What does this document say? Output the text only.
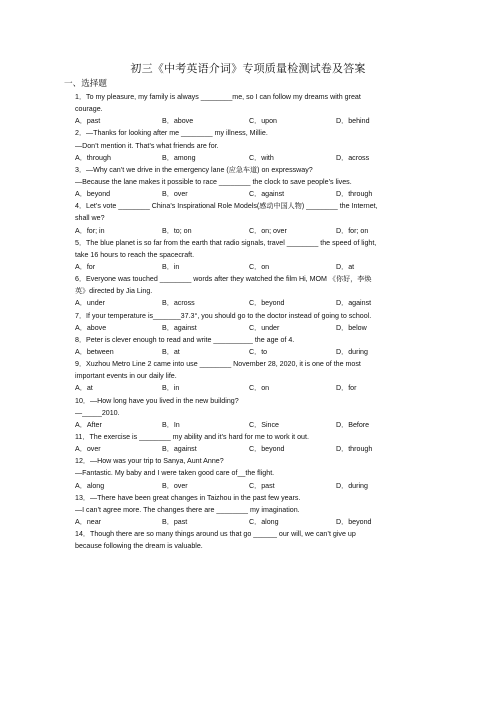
初三《中考英语介词》专项质量检测试卷及答案
一、选择题
1．To my pleasure, my family is always ________me, so I can follow my dreams with great
courage.
A．past	B．above	C．upon	D．behind
2．—Thanks for looking after me ________ my illness, Millie.
—Don’t mention it. That’s what friends are for.
A．through	B．among	C．with	D．across
3．—Why can’t we drive in the emergency lane (应急车道) on expressway?
—Because the lane makes it possible to race ________ the clock to save people’s lives.
A．beyond	B．over	C．against	D．through
4．Let’s vote ________ China’s Inspirational Role Models(感动中国人物) ________ the Internet,
shall we?
A．for; in	B．to; on	C．on; over	D．for; on
5．The blue planet is so far from the earth that radio signals, travel ________ the speed of light,
take 16 hours to reach the spacecraft.
A．for	B．in	C．on	D．at
6．Everyone was touched ________ words after they watched the film Hi, MOM 《你好，李焕
英》directed by Jia Ling.
A．under	B．across	C．beyond	D．against
7．If your temperature is_______37.3°, you should go to the doctor instead of going to school.
A．above	B．against	C．under	D．below
8．Peter is clever enough to read and write __________ the age of 4.
A．between	B．at	C．to	D．during
9．Xuzhou Metro Line 2 came into use ________ November 28, 2020, it is one of the most
important events in our daily life.
A．at	B．in	C．on	D．for
10．—How long have you lived in the new building?
—_____2010.
A．After	B．In	C．Since	D．Before
11．The exercise is ________ my ability and it’s hard for me to work it out.
A．over	B．against	C．beyond	D．through
12．—How was your trip to Sanya, Aunt Anne?
—Fantastic. My baby and I were taken good care of__the flight.
A．along	B．over	C．past	D．during
13．—There have been great changes in Taizhou in the past few years.
—I can’t agree more. The changes there are ________ my imagination.
A．near	B．past	C．along	D．beyond
14．Though there are so many things around us that go ______ our will, we can’t give up
because following the dream is valuable.
